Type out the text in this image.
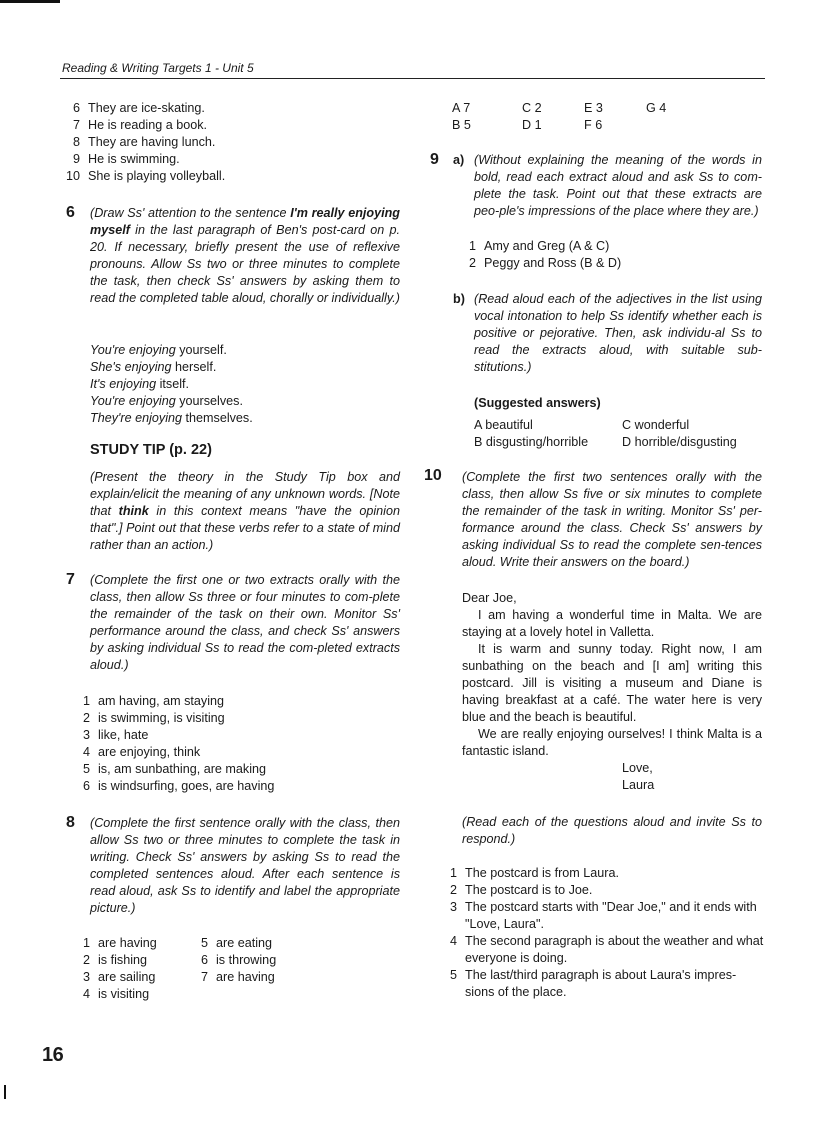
Reading & Writing Targets 1 - Unit 5
6 They are ice-skating.
7 He is reading a book.
8 They are having lunch.
9 He is swimming.
10 She is playing volleyball.
6 (Draw Ss' attention to the sentence I'm really enjoying myself in the last paragraph of Ben's post-card on p. 20. If necessary, briefly present the use of reflexive pronouns. Allow Ss two or three minutes to complete the task, then check Ss' answers by asking them to read the completed table aloud, chorally or individually.)
You're enjoying yourself.
She's enjoying herself.
It's enjoying itself.
You're enjoying yourselves.
They're enjoying themselves.
STUDY TIP (p. 22)
(Present the theory in the Study Tip box and explain/elicit the meaning of any unknown words. [Note that think in this context means "have the opinion that".] Point out that these verbs refer to a state of mind rather than an action.)
7 (Complete the first one or two extracts orally with the class, then allow Ss three or four minutes to com-plete the remainder of the task on their own. Monitor Ss' performance around the class, and check Ss' answers by asking individual Ss to read the com-pleted extracts aloud.)
1 am having, am staying
2 is swimming, is visiting
3 like, hate
4 are enjoying, think
5 is, am sunbathing, are making
6 is windsurfing, goes, are having
8 (Complete the first sentence orally with the class, then allow Ss two or three minutes to complete the task in writing. Check Ss' answers by asking Ss to read the completed sentences aloud. After each sentence is read aloud, ask Ss to identify and label the appropriate picture.)
1 are having
2 is fishing
3 are sailing
4 is visiting
5 are eating
6 is throwing
7 are having
A 7	C 2	E 3	G 4
B 5	D 1	F 6
9 a) (Without explaining the meaning of the words in bold, read each extract aloud and ask Ss to com-plete the task. Point out that these extracts are peo-ple's impressions of the place where they are.)
1 Amy and Greg (A & C)
2 Peggy and Ross (B & D)
b) (Read aloud each of the adjectives in the list using vocal intonation to help Ss identify whether each is positive or pejorative. Then, ask individu-al Ss to read the extracts aloud, with suitable sub-stitutions.)
(Suggested answers)
A beautiful	C wonderful
B disgusting/horrible	D horrible/disgusting
10 (Complete the first two sentences orally with the class, then allow Ss five or six minutes to complete the remainder of the task in writing. Monitor Ss' per-formance around the class. Check Ss' answers by asking individual Ss to read the complete sen-tences aloud. Write their answers on the board.)
Dear Joe,
I am having a wonderful time in Malta. We are staying at a lovely hotel in Valletta.
It is warm and sunny today. Right now, I am sunbathing on the beach and [I am] writing this postcard. Jill is visiting a museum and Diane is having breakfast at a café. The water here is very blue and the beach is beautiful.
We are really enjoying ourselves! I think Malta is a fantastic island.
Love,
Laura
(Read each of the questions aloud and invite Ss to respond.)
1 The postcard is from Laura.
2 The postcard is to Joe.
3 The postcard starts with "Dear Joe," and it ends with "Love, Laura".
4 The second paragraph is about the weather and what everyone is doing.
5 The last/third paragraph is about Laura's impres-sions of the place.
16
